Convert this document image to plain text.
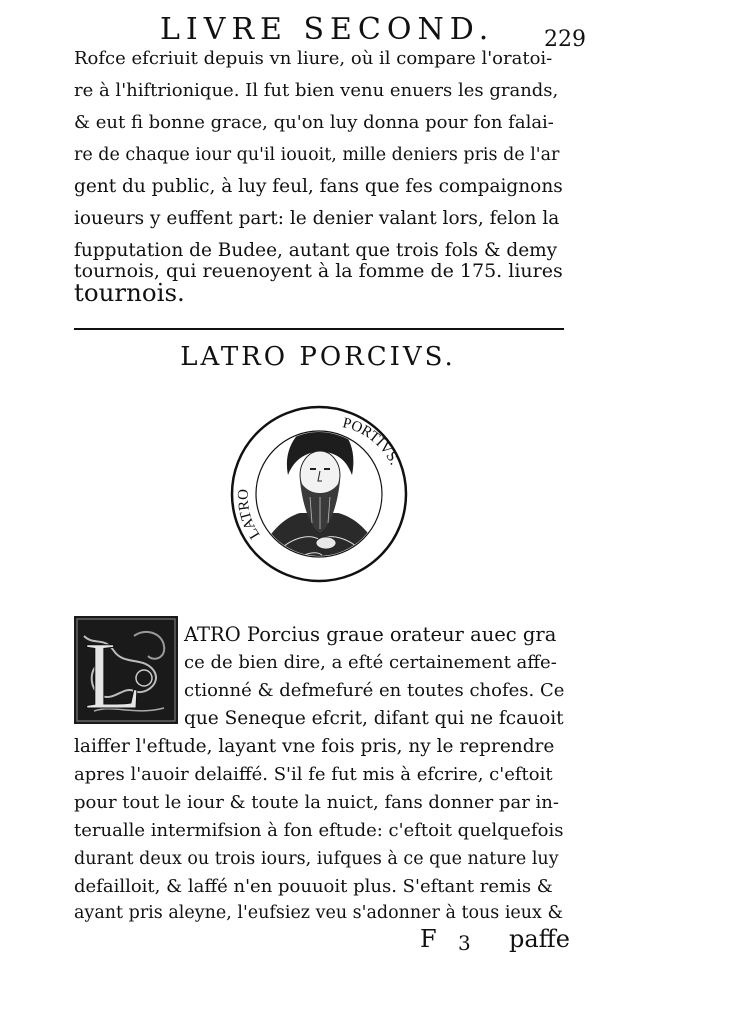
LIVRE SECOND. 229
Rofce efcriuit depuis vn liure, où il compare l'oratoi-
re à l'hiftrionique. Il fut bien venu enuers les grands,
& eut fi bonne grace, qu'on luy donna pour fon falai-
re de chaque iour qu'il iouoit, mille deniers pris de l'ar
gent du public, à luy feul, fans que fes compaignons
ioueurs y euffent part: le denier valant lors, felon la
fupputation de Budee, autant que trois fols & demy
tournois, qui reuenoyent à la fomme de 175. liures
tournois.
LATRO PORCIVS.
LATRO
PORTIVS.
L ATRO Porcius graue orateur auec gra
ce de bien dire, a efté certainement affe-
ctionné & defmefuré en toutes chofes. Ce
que Seneque efcrit, difant qui ne fcauoit
laiffer l'eftude, layant vne fois pris, ny le reprendre
apres l'auoir delaiffé. S'il fe fut mis à efcrire, c'eftoit
pour tout le iour & toute la nuict, fans donner par in-
terualle intermifsion à fon eftude: c'eftoit quelquefois
durant deux ou trois iours, iufques à ce que nature luy
defailloit, & laffé n'en pouuoit plus. S'eftant remis &
ayant pris aleyne, l'eufsiez veu s'adonner à tous ieux &
F 3 paffe
